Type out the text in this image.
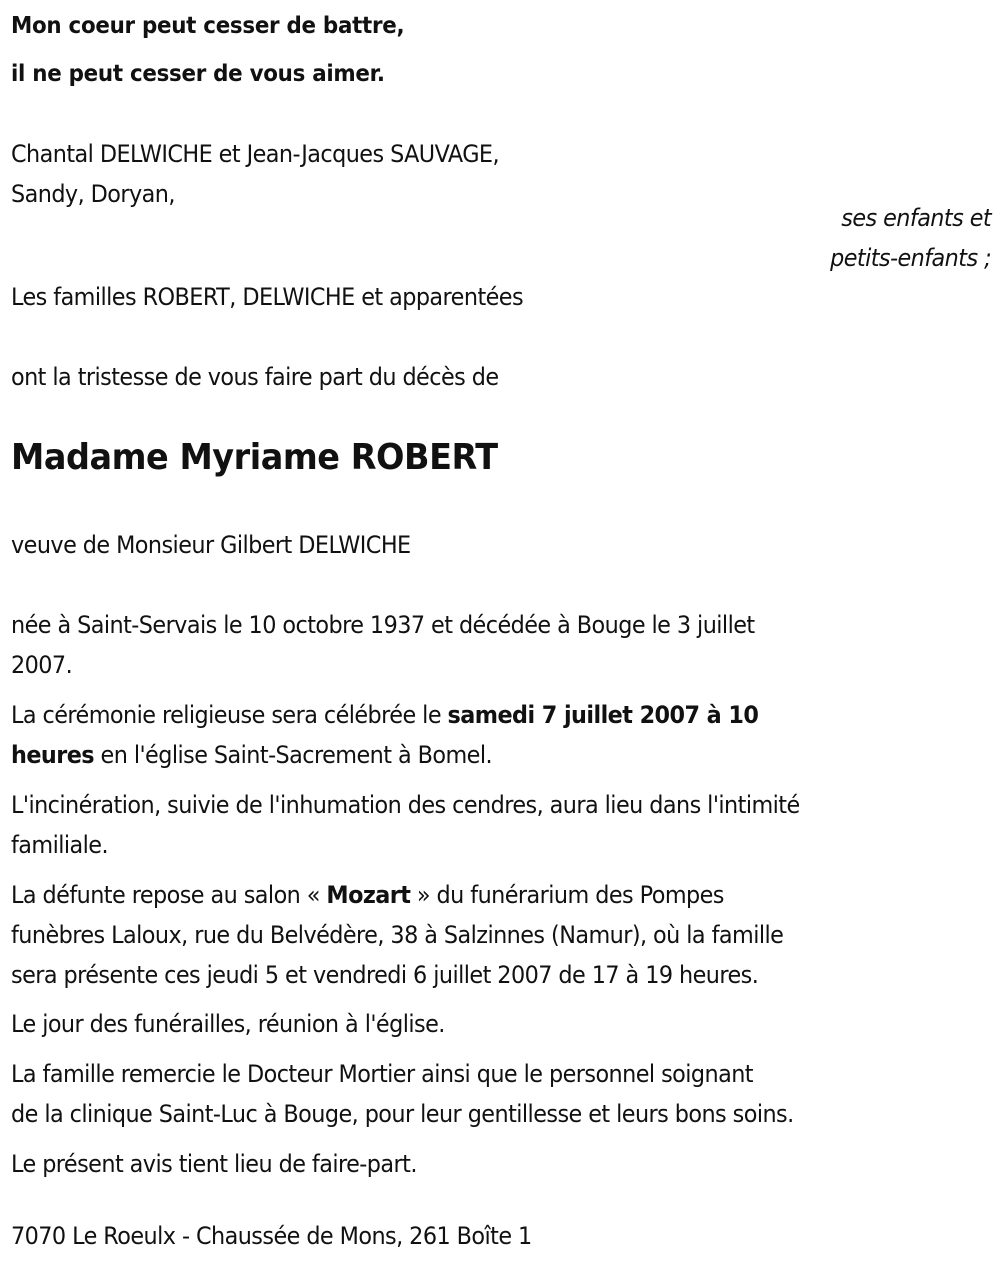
Mon coeur peut cesser de battre,
il ne peut cesser de vous aimer.
Chantal DELWICHE et Jean-Jacques SAUVAGE,
Sandy, Doryan,
ses enfants et
petits-enfants ;
Les familles ROBERT, DELWICHE et apparentées
ont la tristesse de vous faire part du décès de
Madame Myriame ROBERT
veuve de Monsieur Gilbert DELWICHE
née à Saint-Servais le 10 octobre 1937 et décédée à Bouge le 3 juillet
2007.
La cérémonie religieuse sera célébrée le samedi 7 juillet 2007 à 10
heures en l'église Saint-Sacrement à Bomel.
L'incinération, suivie de l'inhumation des cendres, aura lieu dans l'intimité
familiale.
La défunte repose au salon « Mozart » du funérarium des Pompes
funèbres Laloux, rue du Belvédère, 38 à Salzinnes (Namur), où la famille
sera présente ces jeudi 5 et vendredi 6 juillet 2007 de 17 à 19 heures.
Le jour des funérailles, réunion à l'église.
La famille remercie le Docteur Mortier ainsi que le personnel soignant
de la clinique Saint-Luc à Bouge, pour leur gentillesse et leurs bons soins.
Le présent avis tient lieu de faire-part.
7070 Le Roeulx - Chaussée de Mons, 261 Boîte 1
